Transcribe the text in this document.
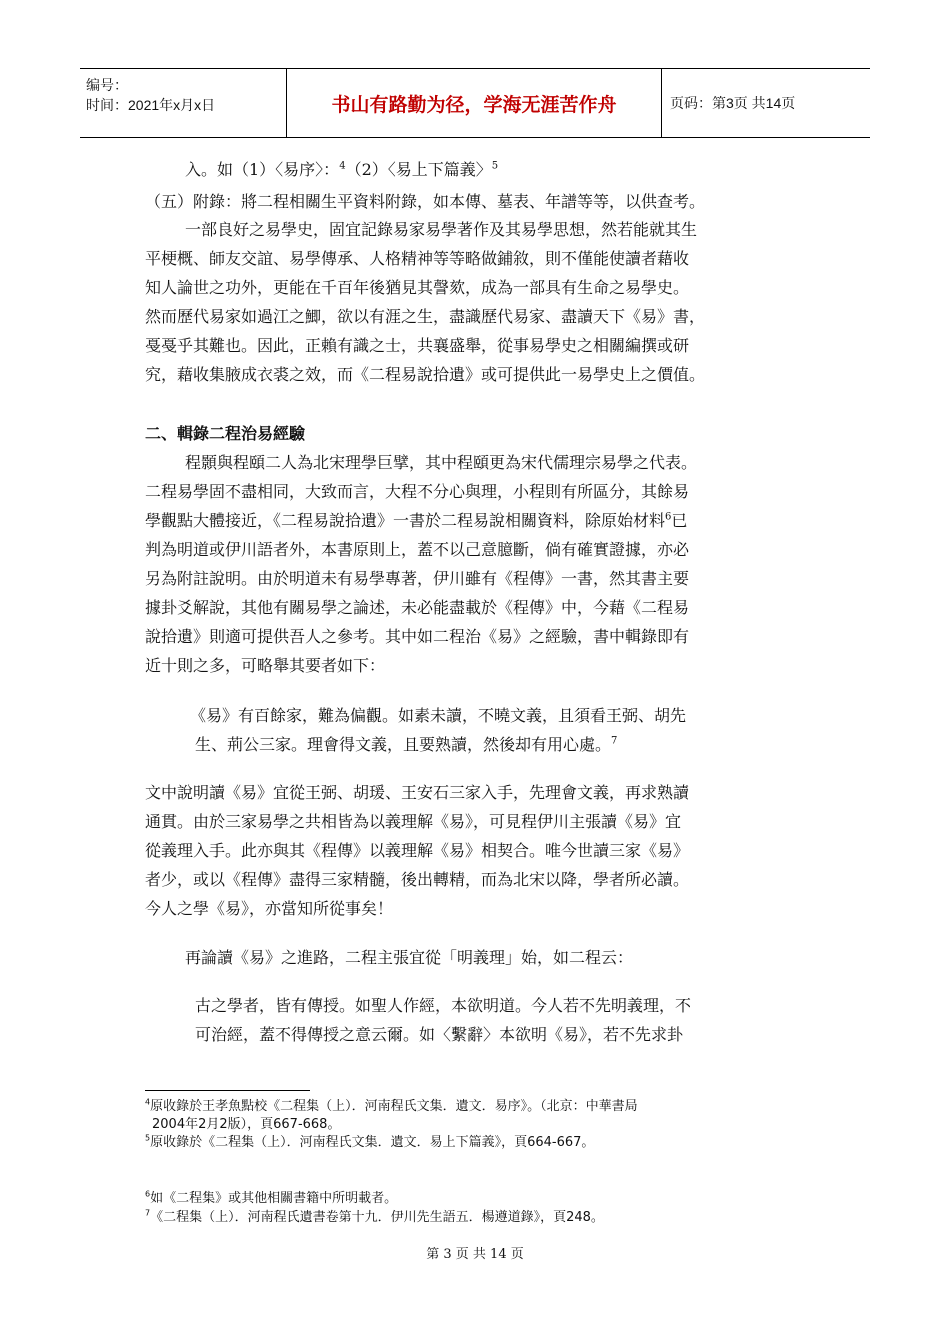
编号：
时间：2021年x月x日	书山有路勤为径，学海无涯苦作舟	页码：第3页 共14页
入。如（1）〈易序〉：$^4$（2）〈易上下篇義〉$^5$
（五）附錄：將二程相關生平資料附錄，如本傳、墓表、年譜等等，以供查考。
一部良好之易學史，固宜記錄易家易學著作及其易學思想，然若能就其生
平梗概、師友交誼、易學傳承、人格精神等等略做鋪敘，則不僅能使讀者藉收
知人論世之功外，更能在千百年後猶見其謦欬，成為一部具有生命之易學史。
然而歷代易家如過江之鯽，欲以有涯之生，盡識歷代易家、盡讀天下《易》書，
戞戞乎其難也。因此，正賴有識之士，共襄盛舉，從事易學史之相關編撰或研
究，藉收集腋成衣裘之效，而《二程易說拾遺》或可提供此一易學史上之價值。
二、輯錄二程治易經驗
程顥與程頤二人為北宋理學巨擘，其中程頤更為宋代儒理宗易學之代表。
二程易學固不盡相同，大致而言，大程不分心與理，小程則有所區分，其餘易
學觀點大體接近，《二程易說拾遺》一書於二程易說相關資料，除原始材料$^6$已
判為明道或伊川語者外，本書原則上，蓋不以己意臆斷，倘有確實證據，亦必
另為附註說明。由於明道未有易學專著，伊川雖有《程傳》一書，然其書主要
據卦爻解說，其他有關易學之論述，未必能盡載於《程傳》中，今藉《二程易
說拾遺》則適可提供吾人之參考。其中如二程治《易》之經驗，書中輯錄即有
近十則之多，可略舉其要者如下：
《易》有百餘家，難為偏觀。如素未讀，不曉文義，且須看王弼、胡先
生、荊公三家。理會得文義，且要熟讀，然後却有用心處。$^7$
文中說明讀《易》宜從王弼、胡瑗、王安石三家入手，先理會文義，再求熟讀
通貫。由於三家易學之共相皆為以義理解《易》，可見程伊川主張讀《易》宜
從義理入手。此亦與其《程傳》以義理解《易》相契合。唯今世讀三家《易》
者少，或以《程傳》盡得三家精髓，後出轉精，而為北宋以降，學者所必讀。
今人之學《易》，亦當知所從事矣！
再論讀《易》之進路，二程主張宜從「明義理」始，如二程云：
古之學者，皆有傳授。如聖人作經，本欲明道。今人若不先明義理，不
可治經，蓋不得傳授之意云爾。如〈繫辭〉本欲明《易》，若不先求卦
$^4$原收錄於王孝魚點校《二程集（上）．河南程氏文集．遺文．易序》。（北京：中華書局
2004年2月2版），頁667-668。
$^5$原收錄於《二程集（上）．河南程氏文集．遺文．易上下篇義》，頁664-667。
$^6$如《二程集》或其他相關書籍中所明載者。
$^7$《二程集（上）．河南程氏遺書卷第十九．伊川先生語五．楊遵道錄》，頁248。
第 3 页 共 14 页
